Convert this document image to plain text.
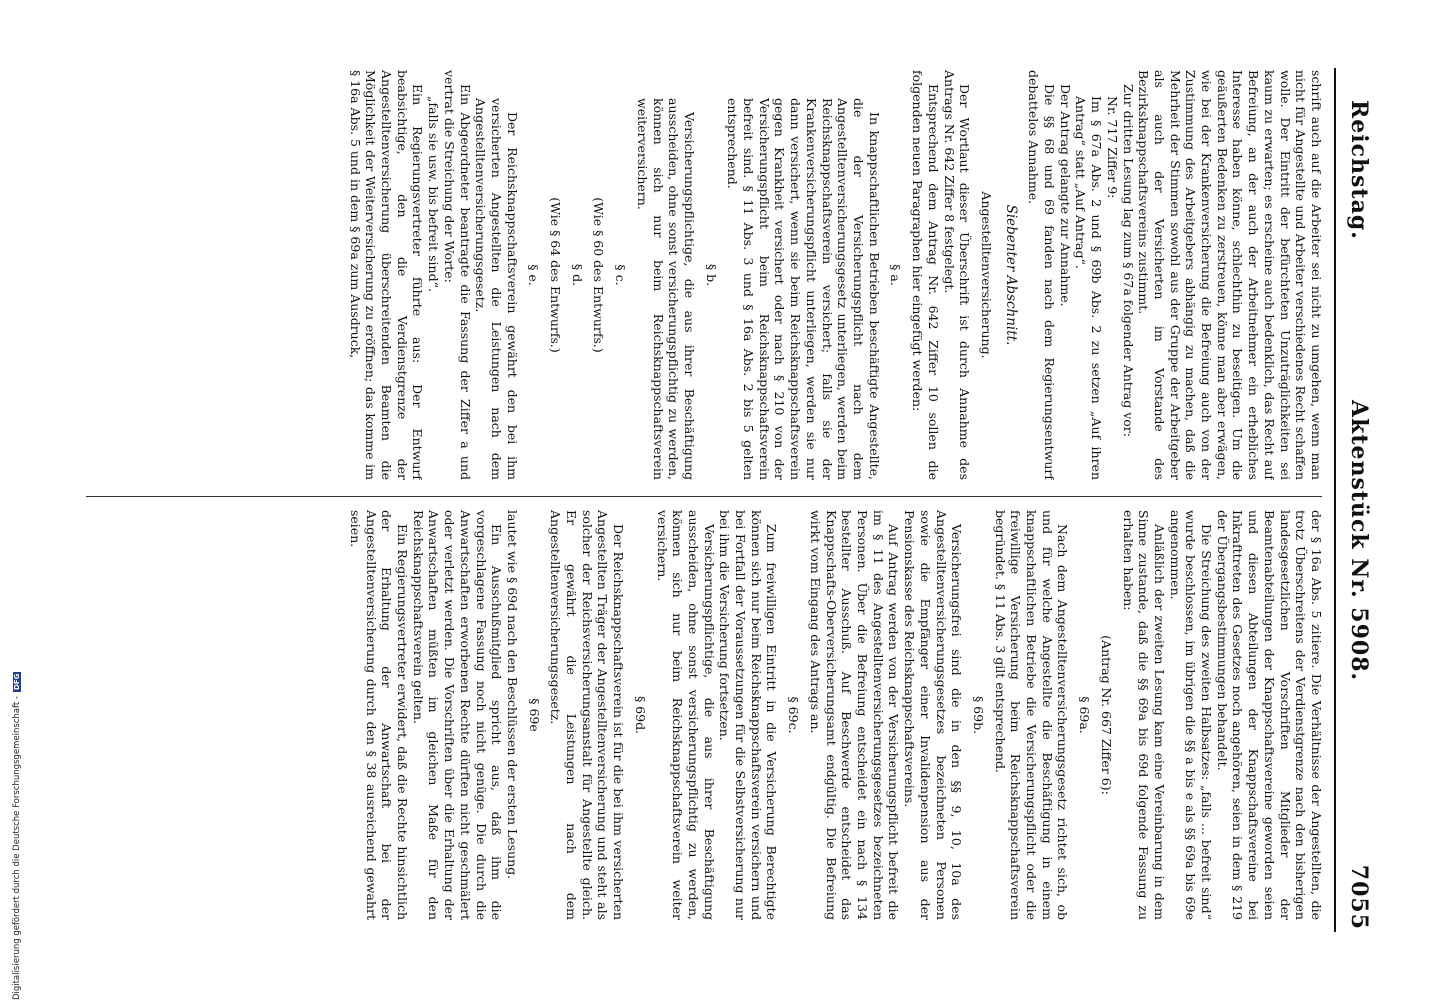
Reichstag.
Aktenstück Nr. 5908.
7055

schrift auch auf die Arbeiter sei nicht zu umgehen, wenn man nicht für Angestellte und Arbeiter verschiedenes Recht schaffen wolle. Der Eintritt der befürchteten Unzuträglichkeiten sei kaum zu erwarten; es erscheine auch bedenklich, das Recht auf Befreiung, an der auch der Arbeitnehmer ein erhebliches Interesse haben könne, schlechthin zu beseitigen. Um die geäußerten Bedenken zu zerstreuen, könne man aber erwägen, wie bei der Krankenversicherung die Befreiung auch von der Zustimmung des Arbeitgebers abhängig zu machen, daß die Mehrheit der Stimmen sowohl aus der Gruppe der Arbeitgeber als auch der Versicherten im Vorstande des Bezirksknappschaftsvereins zustimmt.

Zur dritten Lesung lag zum § 67a folgender Antrag vor:

Nr. 717 Ziffer 9:

Im § 67a Abs. 2 und § 69b Abs. 2 zu setzen „Auf ihren Antrag“ statt „Auf Antrag“.

Der Antrag gelangte zur Annahme.

Die §§ 68 und 69 fanden nach dem Regierungsentwurf debattelos Annahme.

Siebenter Abschnitt.
Angestelltenversicherung.

Der Wortlaut dieser Überschrift ist durch Annahme des Antrags Nr. 642 Ziffer 8 festgelegt.

Entsprechend dem Antrag Nr. 642 Ziffer 10 sollen die folgenden neuen Paragraphen hier eingefügt werden:

§ a.

In knappschaftlichen Betrieben beschäftigte Angestellte, die der Versicherungspflicht nach dem Angestelltenversicherungsgesetz unterliegen, werden beim Reichsknappschaftsverein versichert; falls sie der Krankenversicherungspflicht unterliegen, werden sie nur dann versichert, wenn sie beim Reichsknappschaftsverein gegen Krankheit versichert oder nach § 210 von der Versicherungspflicht beim Reichsknappschaftsverein befreit sind. § 11 Abs. 3 und § 16a Abs. 2 bis 5 gelten entsprechend.

§ b.

Versicherungspflichtige, die aus ihrer Beschäftigung ausscheiden, ohne sonst versicherungspflichtig zu werden, können sich nur beim Reichsknappschaftsverein weiterversichern.

§ c.
(Wie § 60 des Entwurfs.)
§ d.
(Wie § 64 des Entwurfs.)
§ e.

Der Reichsknappschaftsverein gewährt den bei ihm versicherten Angestellten die Leistungen nach dem Angestelltenversicherungsgesetz.

Ein Abgeordneter beantragte die Fassung der Ziffer a und vertrat die Streichung der Worte:

„falls sie usw. bis befreit sind“.

Ein Regierungsvertreter führte aus: Der Entwurf beabsichtige, den die Verdienstgrenze der Angestelltenversicherung überschreitenden Beamten die Möglichkeit der Weiterversicherung zu eröffnen; das komme im § 16a Abs. 5 und in dem § 69a zum Ausdruck,

der § 16a Abs. 5 zitiere. Die Verhältnisse der Angestellten, die trotz Überschreitens der Verdienstgrenze nach den bisherigen landesgesetzlichen Vorschriften Mitglieder der Beamtenabteilungen der Knappschaftsvereine geworden seien und diesen Abteilungen der Knappschaftsvereine bei Inkrafttreten des Gesetzes noch angehören, seien in dem § 219 der Übergangsbestimmungen behandelt.

Die Streichung des zweiten Halbsatzes: „falls ... befreit sind“ wurde beschlossen, im übrigen die §§ a bis e als §§ 69a bis 69e angenommen.

Anläßlich der zweiten Lesung kam eine Vereinbarung in dem Sinne zustande, daß die §§ 69a bis 69d folgende Fassung zu erhalten haben:

(Antrag Nr. 667 Ziffer 6):
§ 69a.

Nach dem Angestelltenversicherungsgesetz richtet sich, ob und für welche Angestellte die Beschäftigung in einem knappschaftlichen Betriebe die Versicherungspflicht oder die freiwillige Versicherung beim Reichsknappschaftsverein begründet. § 11 Abs. 3 gilt entsprechend.

§ 69b.

Versicherungsfrei sind die in den §§ 9, 10, 10a des Angestelltenversicherungsgesetzes bezeichneten Personen sowie die Empfänger einer Invalidenpension aus der Pensionskasse des Reichsknappschaftsvereins.

Auf Antrag werden von der Versicherungspflicht befreit die im § 11 des Angestelltenversicherungsgesetzes bezeichneten Personen. Über die Befreiung entscheidet ein nach § 134 bestellter Ausschuß. Auf Beschwerde entscheidet das Knappschafts-Oberversicherungsamt endgültig. Die Befreiung wirkt vom Eingang des Antrags an.

§ 69c.

Zum freiwilligen Eintritt in die Versicherung Berechtigte können sich nur beim Reichsknappschaftsverein versichern und bei Fortfall der Voraussetzungen für die Selbstversicherung nur bei ihm die Versicherung fortsetzen.

Versicherungspflichtige, die aus ihrer Beschäftigung ausscheiden, ohne sonst versicherungspflichtig zu werden, können sich nur beim Reichsknappschaftsverein weiter versichern.

§ 69d.

Der Reichsknappschaftsverein ist für die bei ihm versicherten Angestellten Träger der Angestelltenversicherung und steht als solcher der Reichsversicherungsanstalt für Angestellte gleich. Er gewährt die Leistungen nach dem Angestelltenversicherungsgesetz.

§ 69e

lautet wie § 69d nach den Beschlüssen der ersten Lesung.

Ein Ausschußmitglied spricht aus, daß ihm die vorgeschlagene Fassung noch nicht genüge. Die durch die Anwartschaften erworbenen Rechte dürften nicht geschmälert oder verletzt werden. Die Vorschriften über die Erhaltung der Anwartschaften müßten im gleichen Maße für den Reichsknappschaftsverein gelten.

Ein Regierungsvertreter erwidert, daß die Rechte hinsichtlich der Erhaltung der Anwartschaft bei der Angestelltenversicherung durch den § 38 ausreichend gewahrt seien.

Digitalisierung gefördert durch die Deutsche Forschungsgemeinschaft -DFG
